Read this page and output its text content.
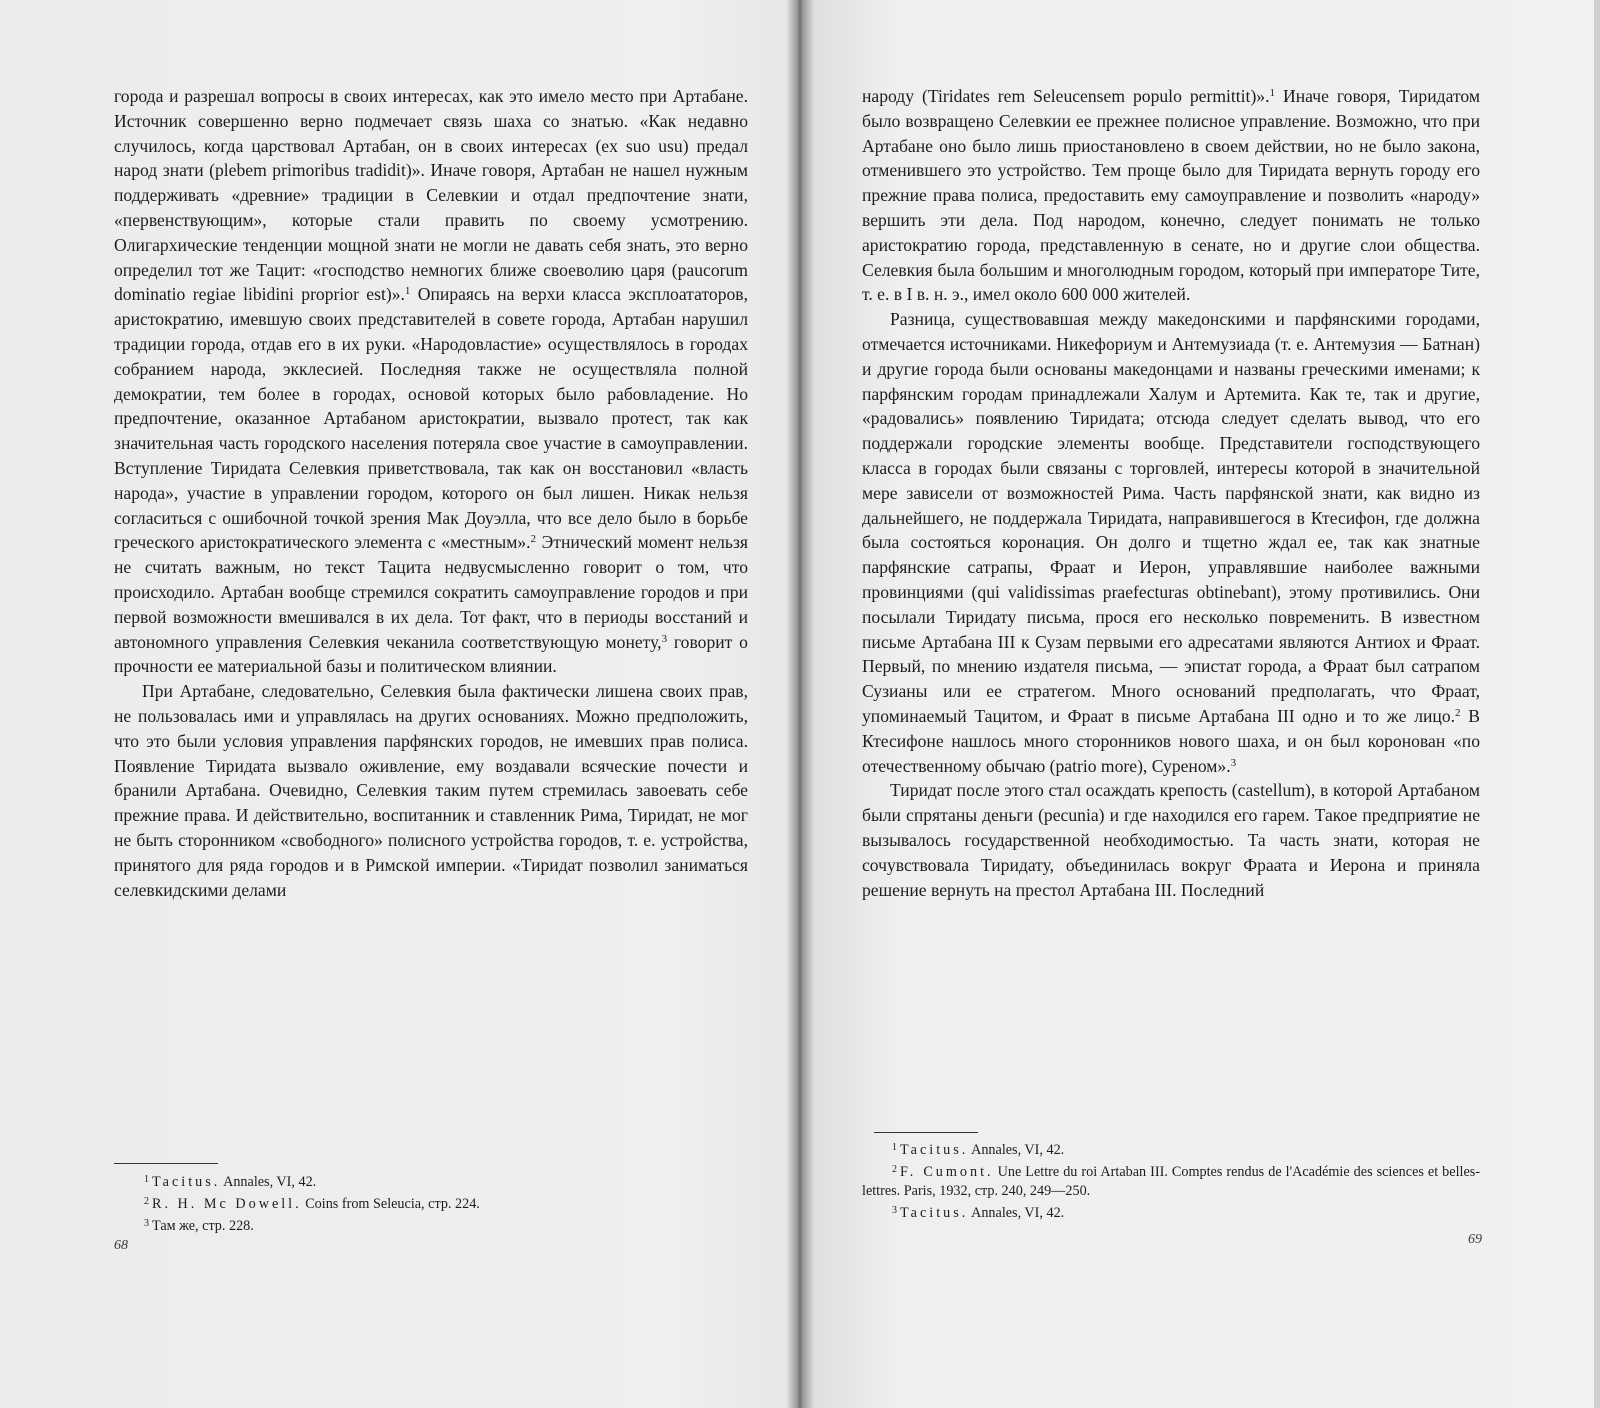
города и разрешал вопросы в своих интересах, как это имело место при Артабане. Источник совершенно верно подмечает связь шаха со знатью. «Как недавно случилось, когда царствовал Артабан, он в своих интересах (ex suo usu) предал народ знати (plebem primoribus tradidit)». Иначе говоря, Артабан не нашел нужным поддерживать «древние» традиции в Селевкии и отдал предпочтение знати, «первенствующим», которые стали править по своему усмотрению. Олигархические тенденции мощной знати не могли не давать себя знать, это верно определил тот же Тацит: «господство немногих ближе своеволию царя (paucorum dominatio regiae libidini proprior est)».$^1$ Опираясь на верхи класса эксплоататоров, аристократию, имевшую своих представителей в совете города, Артабан нарушил традиции города, отдав его в их руки. «Народовластие» осуществлялось в городах собранием народа, экклесией. Последняя также не осуществляла полной демократии, тем более в городах, основой которых было рабовладение. Но предпочтение, оказанное Артабаном аристократии, вызвало протест, так как значительная часть городского населения потеряла свое участие в самоуправлении. Вступление Тиридата Селевкия приветствовала, так как он восстановил «власть народа», участие в управлении городом, которого он был лишен. Никак нельзя согласиться с ошибочной точкой зрения Мак Доуэлла, что все дело было в борьбе греческого аристократического элемента с «местным».$^2$ Этнический момент нельзя не считать важным, но текст Тацита недвусмысленно говорит о том, что происходило. Артабан вообще стремился сократить самоуправление городов и при первой возможности вмешивался в их дела. Тот факт, что в периоды восстаний и автономного управления Селевкия чеканила соответствующую монету,$^3$ говорит о прочности ее материальной базы и политическом влиянии.

При Артабане, следовательно, Селевкия была фактически лишена своих прав, не пользовалась ими и управлялась на других основаниях. Можно предположить, что это были условия управления парфянских городов, не имевших прав полиса. Появление Тиридата вызвало оживление, ему воздавали всяческие почести и бранили Артабана. Очевидно, Селевкия таким путем стремилась завоевать себе прежние права. И действительно, воспитанник и ставленник Рима, Тиридат, не мог не быть сторонником «свободного» полисного устройства городов, т. е. устройства, принятого для ряда городов и в Римской империи. «Тиридат позволил заниматься селевкидскими делами

$^1$ Tacitus. Annales, VI, 42.

$^2$ R. H. Mc Dowell. Coins from Seleucia, стр. 224.

$^3$ Там же, стр. 228.

68

народу (Tiridates rem Seleucensem populo permittit)».$^1$ Иначе говоря, Тиридатом было возвращено Селевкии ее прежнее полисное управление. Возможно, что при Артабане оно было лишь приостановлено в своем действии, но не было закона, отменившего это устройство. Тем проще было для Тиридата вернуть городу его прежние права полиса, предоставить ему самоуправление и позволить «народу» вершить эти дела. Под народом, конечно, следует понимать не только аристократию города, представленную в сенате, но и другие слои общества. Селевкия была большим и многолюдным городом, который при императоре Тите, т. е. в I в. н. э., имел около 600 000 жителей.

Разница, существовавшая между македонскими и парфянскими городами, отмечается источниками. Никефориум и Антемузиада (т. е. Антемузия — Батнан) и другие города были основаны македонцами и названы греческими именами; к парфянским городам принадлежали Халум и Артемита. Как те, так и другие, «радовались» появлению Тиридата; отсюда следует сделать вывод, что его поддержали городские элементы вообще. Представители господствующего класса в городах были связаны с торговлей, интересы которой в значительной мере зависели от возможностей Рима. Часть парфянской знати, как видно из дальнейшего, не поддержала Тиридата, направившегося в Ктесифон, где должна была состояться коронация. Он долго и тщетно ждал ее, так как знатные парфянские сатрапы, Фраат и Иерон, управлявшие наиболее важными провинциями (qui validissimas praefecturas obtinebant), этому противились. Они посылали Тиридату письма, прося его несколько повременить. В известном письме Артабана III к Сузам первыми его адресатами являются Антиох и Фраат. Первый, по мнению издателя письма, — эпистат города, а Фраат был сатрапом Сузианы или ее стратегом. Много оснований предполагать, что Фраат, упоминаемый Тацитом, и Фраат в письме Артабана III одно и то же лицо.$^2$ В Ктесифоне нашлось много сторонников нового шаха, и он был коронован «по отечественному обычаю (patrio more), Суреном».$^3$

Тиридат после этого стал осаждать крепость (castellum), в которой Артабаном были спрятаны деньги (pecunia) и где находился его гарем. Такое предприятие не вызывалось государственной необходимостью. Та часть знати, которая не сочувствовала Тиридату, объединилась вокруг Фраата и Иерона и приняла решение вернуть на престол Артабана III. Последний

$^1$ Tacitus. Annales, VI, 42.

$^2$ F. Cumont. Une Lettre du roi Artaban III. Comptes rendus de l'Académie des sciences et belles-lettres. Paris, 1932, стр. 240, 249—250.

$^3$ Tacitus. Annales, VI, 42.

69
